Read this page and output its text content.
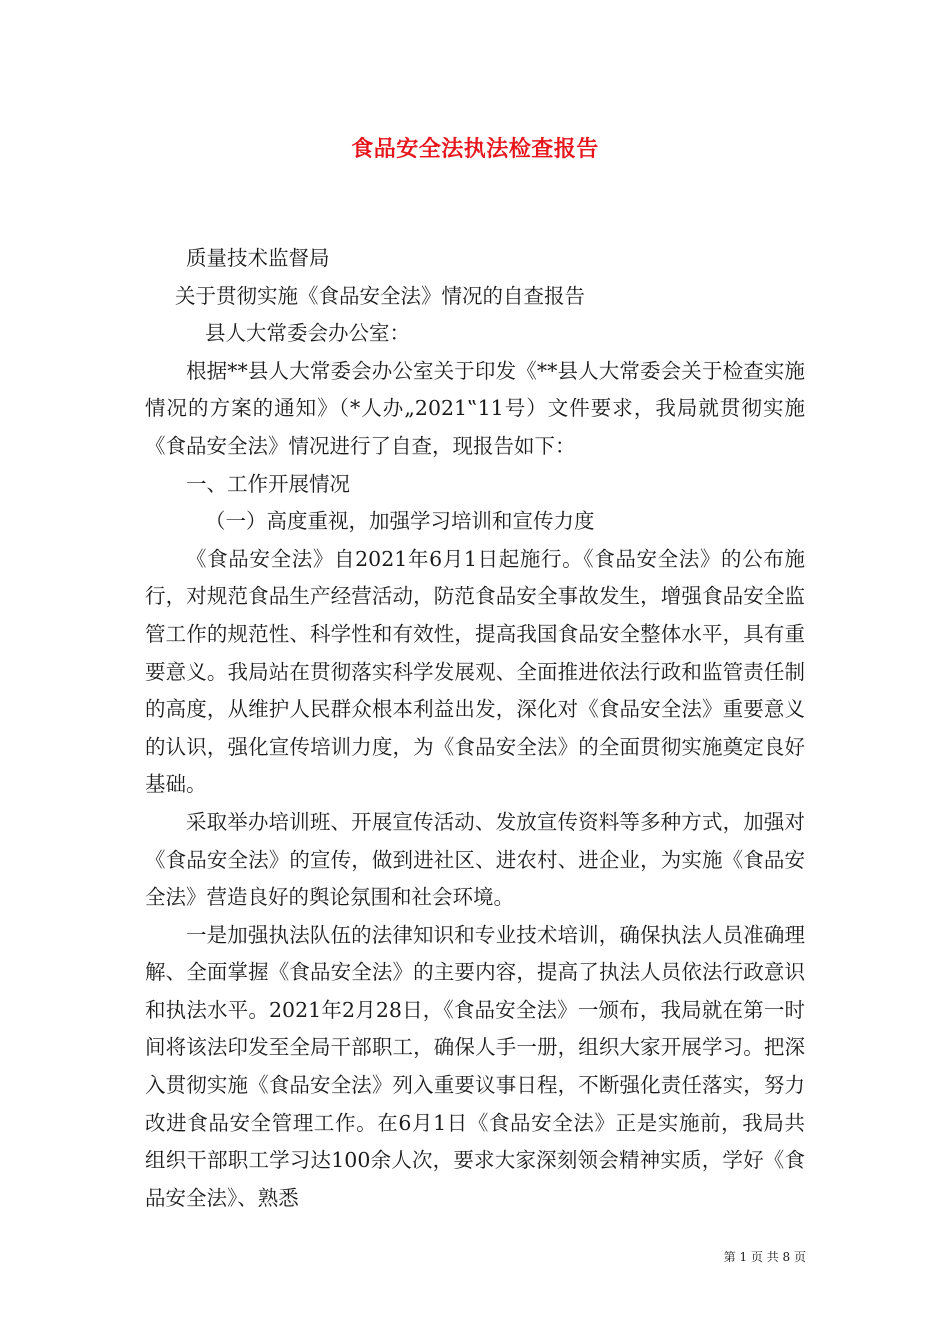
食品安全法执法检查报告

质量技术监督局

关于贯彻实施《食品安全法》情况的自查报告

县人大常委会办公室：

根据**县人大常委会办公室关于印发《**县人大常委会关于检查实施情况的方案的通知》（*人办„2021‟11号）文件要求，我局就贯彻实施《食品安全法》情况进行了自查，现报告如下：

一、工作开展情况

（一）高度重视，加强学习培训和宣传力度

《食品安全法》自2021年6月1日起施行。《食品安全法》的公布施行，对规范食品生产经营活动，防范食品安全事故发生，增强食品安全监管工作的规范性、科学性和有效性，提高我国食品安全整体水平，具有重要意义。我局站在贯彻落实科学发展观、全面推进依法行政和监管责任制的高度，从维护人民群众根本利益出发，深化对《食品安全法》重要意义的认识，强化宣传培训力度，为《食品安全法》的全面贯彻实施奠定良好基础。

采取举办培训班、开展宣传活动、发放宣传资料等多种方式，加强对《食品安全法》的宣传，做到进社区、进农村、进企业，为实施《食品安全法》营造良好的舆论氛围和社会环境。

一是加强执法队伍的法律知识和专业技术培训，确保执法人员准确理解、全面掌握《食品安全法》的主要内容，提高了执法人员依法行政意识和执法水平。2021年2月28日，《食品安全法》一颁布，我局就在第一时间将该法印发至全局干部职工，确保人手一册，组织大家开展学习。把深入贯彻实施《食品安全法》列入重要议事日程，不断强化责任落实，努力改进食品安全管理工作。在6月1日《食品安全法》正是实施前，我局共组织干部职工学习达100余人次，要求大家深刻领会精神实质，学好《食品安全法》、熟悉

第 1 页 共 8 页
